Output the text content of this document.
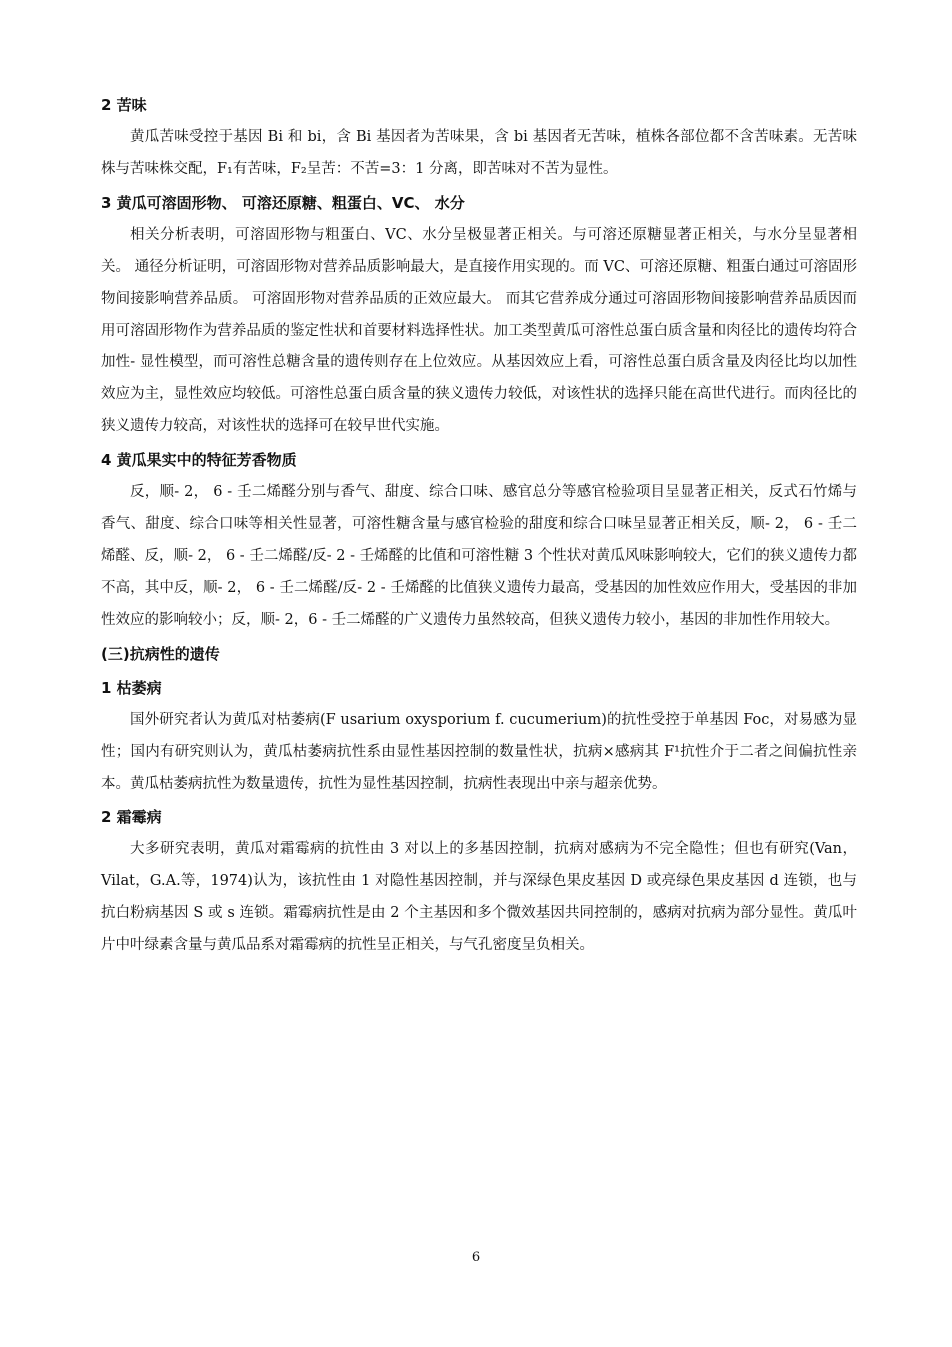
2 苦味

黄瓜苦味受控于基因 Bi 和 bi，含 Bi 基因者为苦味果，含 bi 基因者无苦味，植株各部位都不含苦味素。无苦味株与苦味株交配，F₁有苦味，F₂呈苦：不苦=3：1 分离，即苦味对不苦为显性。

3 黄瓜可溶固形物、 可溶还原糖、粗蛋白、VC、 水分

相关分析表明，可溶固形物与粗蛋白、VC、水分呈极显著正相关。与可溶还原糖显著正相关，与水分呈显著相关。 通径分析证明，可溶固形物对营养品质影响最大，是直接作用实现的。而 VC、可溶还原糖、粗蛋白通过可溶固形物间接影响营养品质。 可溶固形物对营养品质的正效应最大。 而其它营养成分通过可溶固形物间接影响营养品质因而用可溶固形物作为营养品质的鉴定性状和首要材料选择性状。加工类型黄瓜可溶性总蛋白质含量和肉径比的遗传均符合加性- 显性模型，而可溶性总糖含量的遗传则存在上位效应。从基因效应上看，可溶性总蛋白质含量及肉径比均以加性效应为主，显性效应均较低。可溶性总蛋白质含量的狭义遗传力较低，对该性状的选择只能在高世代进行。而肉径比的狭义遗传力较高，对该性状的选择可在较早世代实施。

4 黄瓜果实中的特征芳香物质

反，顺- 2， 6 - 壬二烯醛分别与香气、甜度、综合口味、感官总分等感官检验项目呈显著正相关，反式石竹烯与香气、甜度、综合口味等相关性显著，可溶性糖含量与感官检验的甜度和综合口味呈显著正相关反，顺- 2， 6 - 壬二烯醛、反，顺- 2， 6 - 壬二烯醛/反- 2 - 壬烯醛的比值和可溶性糖 3 个性状对黄瓜风味影响较大，它们的狭义遗传力都不高，其中反，顺- 2， 6 - 壬二烯醛/反- 2 - 壬烯醛的比值狭义遗传力最高，受基因的加性效应作用大，受基因的非加性效应的影响较小；反，顺- 2，6 - 壬二烯醛的广义遗传力虽然较高，但狭义遗传力较小，基因的非加性作用较大。

(三)抗病性的遗传
1 枯萎病

国外研究者认为黄瓜对枯萎病(F usarium oxysporium f. cucumerium)的抗性受控于单基因 Foc，对易感为显性；国内有研究则认为，黄瓜枯萎病抗性系由显性基因控制的数量性状，抗病×感病其 F¹抗性介于二者之间偏抗性亲本。黄瓜枯萎病抗性为数量遗传，抗性为显性基因控制，抗病性表现出中亲与超亲优势。

2 霜霉病

大多研究表明，黄瓜对霜霉病的抗性由 3 对以上的多基因控制，抗病对感病为不完全隐性；但也有研究(Van，Vilat，G.A.等，1974)认为，该抗性由 1 对隐性基因控制，并与深绿色果皮基因 D 或亮绿色果皮基因 d 连锁，也与抗白粉病基因 S 或 s 连锁。霜霉病抗性是由 2 个主基因和多个微效基因共同控制的，感病对抗病为部分显性。黄瓜叶片中叶绿素含量与黄瓜品系对霜霉病的抗性呈正相关，与气孔密度呈负相关。

6
